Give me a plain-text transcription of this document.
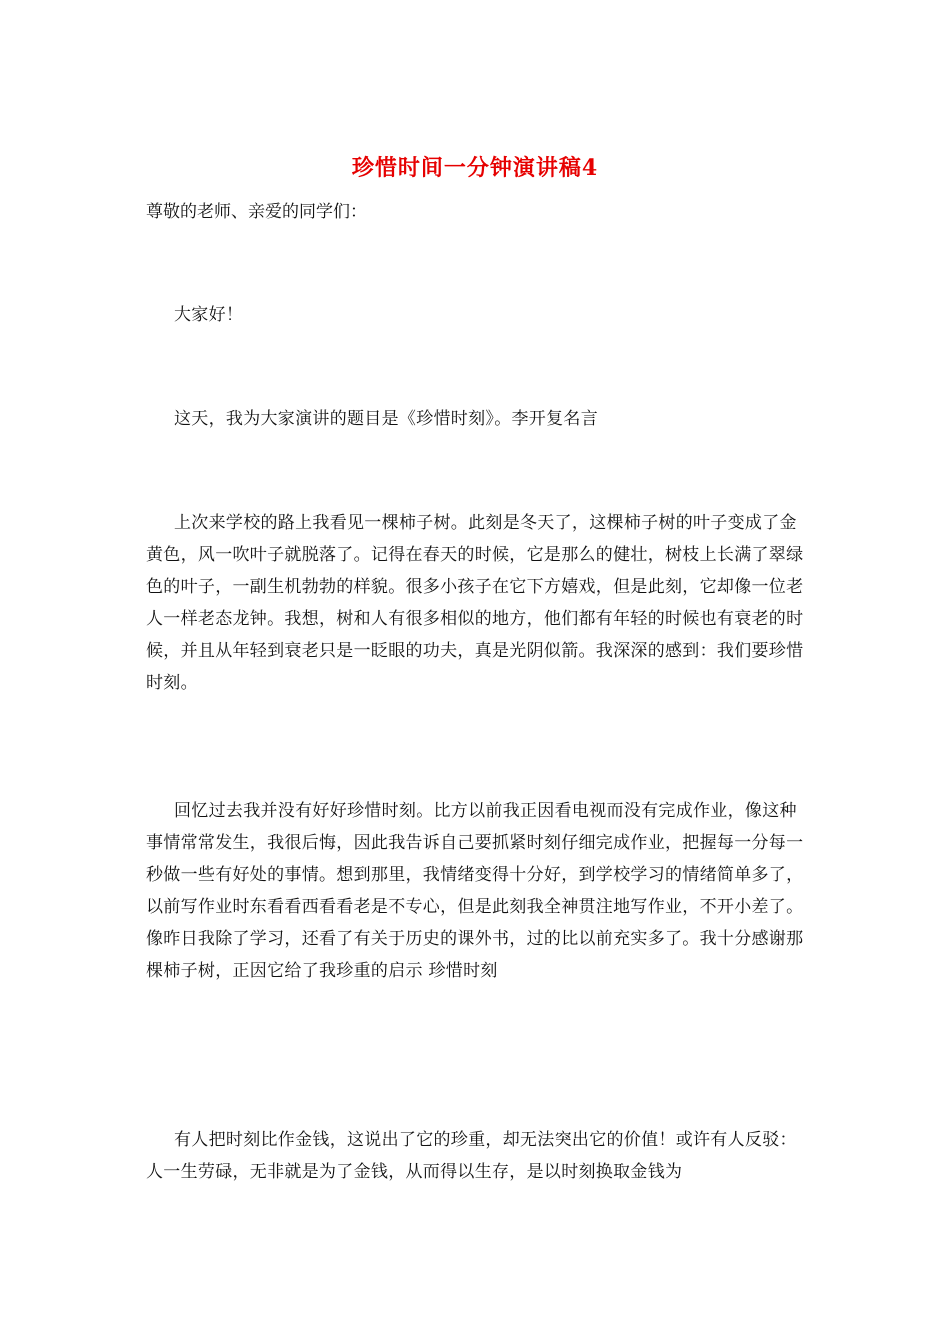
珍惜时间一分钟演讲稿4
尊敬的老师、亲爱的同学们：

大家好！

这天，我为大家演讲的题目是《珍惜时刻》。李开复名言

上次来学校的路上我看见一棵柿子树。此刻是冬天了，这棵柿子树的叶子变成了金黄色，风一吹叶子就脱落了。记得在春天的时候，它是那么的健壮，树枝上长满了翠绿色的叶子，一副生机勃勃的样貌。很多小孩子在它下方嬉戏，但是此刻，它却像一位老人一样老态龙钟。我想，树和人有很多相似的地方，他们都有年轻的时候也有衰老的时候，并且从年轻到衰老只是一眨眼的功夫，真是光阴似箭。我深深的感到：我们要珍惜时刻。

回忆过去我并没有好好珍惜时刻。比方以前我正因看电视而没有完成作业，像这种事情常常发生，我很后悔，因此我告诉自己要抓紧时刻仔细完成作业，把握每一分每一秒做一些有好处的事情。想到那里，我情绪变得十分好，到学校学习的情绪简单多了，以前写作业时东看看西看看老是不专心，但是此刻我全神贯注地写作业，不开小差了。像昨日我除了学习，还看了有关于历史的课外书，过的比以前充实多了。我十分感谢那棵柿子树，正因它给了我珍重的启示 珍惜时刻

有人把时刻比作金钱，这说出了它的珍重，却无法突出它的价值！或许有人反驳：人一生劳碌，无非就是为了金钱，从而得以生存，是以时刻换取金钱为
